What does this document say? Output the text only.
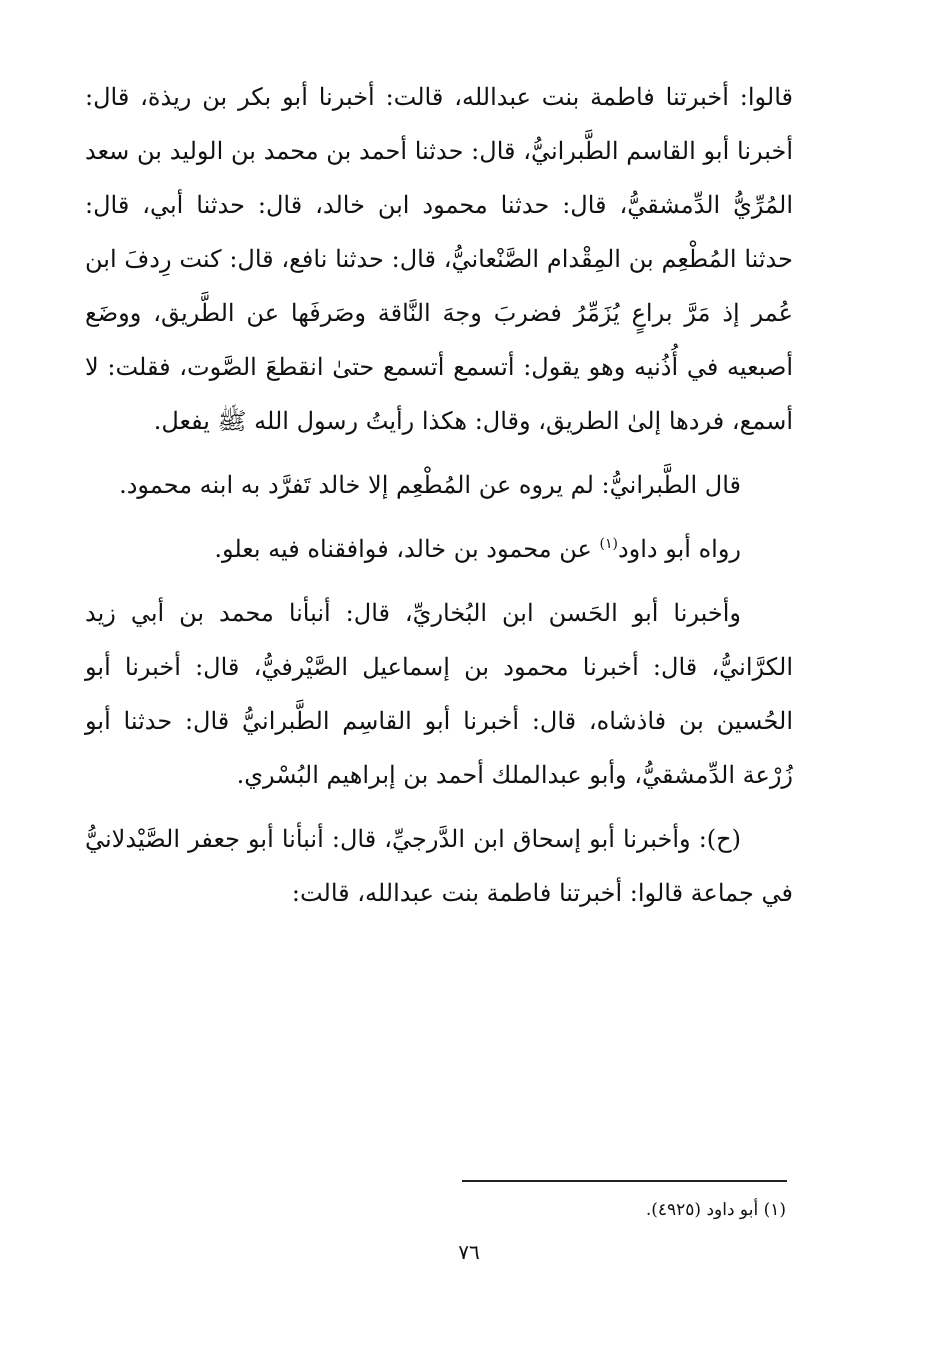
قالوا: أخبرتنا فاطمة بنت عبدالله، قالت: أخبرنا أبو بكر بن ريذة، قال: أخبرنا أبو القاسم الطَّبرانيُّ، قال: حدثنا أحمد بن محمد بن الوليد بن سعد المُرِّيُّ الدِّمشقيُّ، قال: حدثنا محمود ابن خالد، قال: حدثنا أبي، قال: حدثنا المُطْعِم بن المِقْدام الصَّنْعانيُّ، قال: حدثنا نافع، قال: كنت رِدفَ ابن عُمر إذ مَرَّ براعٍ يُزَمِّرُ فضربَ وجهَ النَّاقة وصَرفَها عن الطَّريق، ووضَع أصبعيه في أُذُنيه وهو يقول: أتسمع أتسمع حتىٰ انقطعَ الصَّوت، فقلت: لا أسمع، فردها إلىٰ الطريق، وقال: هكذا رأيتُ رسول الله ﷺ يفعل.

قال الطَّبرانيُّ: لم يروه عن المُطْعِم إلا خالد تَفرَّد به ابنه محمود.

رواه أبو داود$^{(١)}$ عن محمود بن خالد، فوافقناه فيه بعلو.

وأخبرنا أبو الحَسن ابن البُخاريِّ، قال: أنبأنا محمد بن أبي زيد الكرَّانيُّ، قال: أخبرنا محمود بن إسماعيل الصَّيْرفيُّ، قال: أخبرنا أبو الحُسين بن فاذشاه، قال: أخبرنا أبو القاسِم الطَّبرانيُّ قال: حدثنا أبو زُرْعة الدِّمشقيُّ، وأبو عبدالملك أحمد بن إبراهيم البُسْري.

(ح): وأخبرنا أبو إسحاق ابن الدَّرجيِّ، قال: أنبأنا أبو جعفر الصَّيْدلانيُّ في جماعة قالوا: أخبرتنا فاطمة بنت عبدالله، قالت:

(١) أبو داود (٤٩٢٥).
٧٦
